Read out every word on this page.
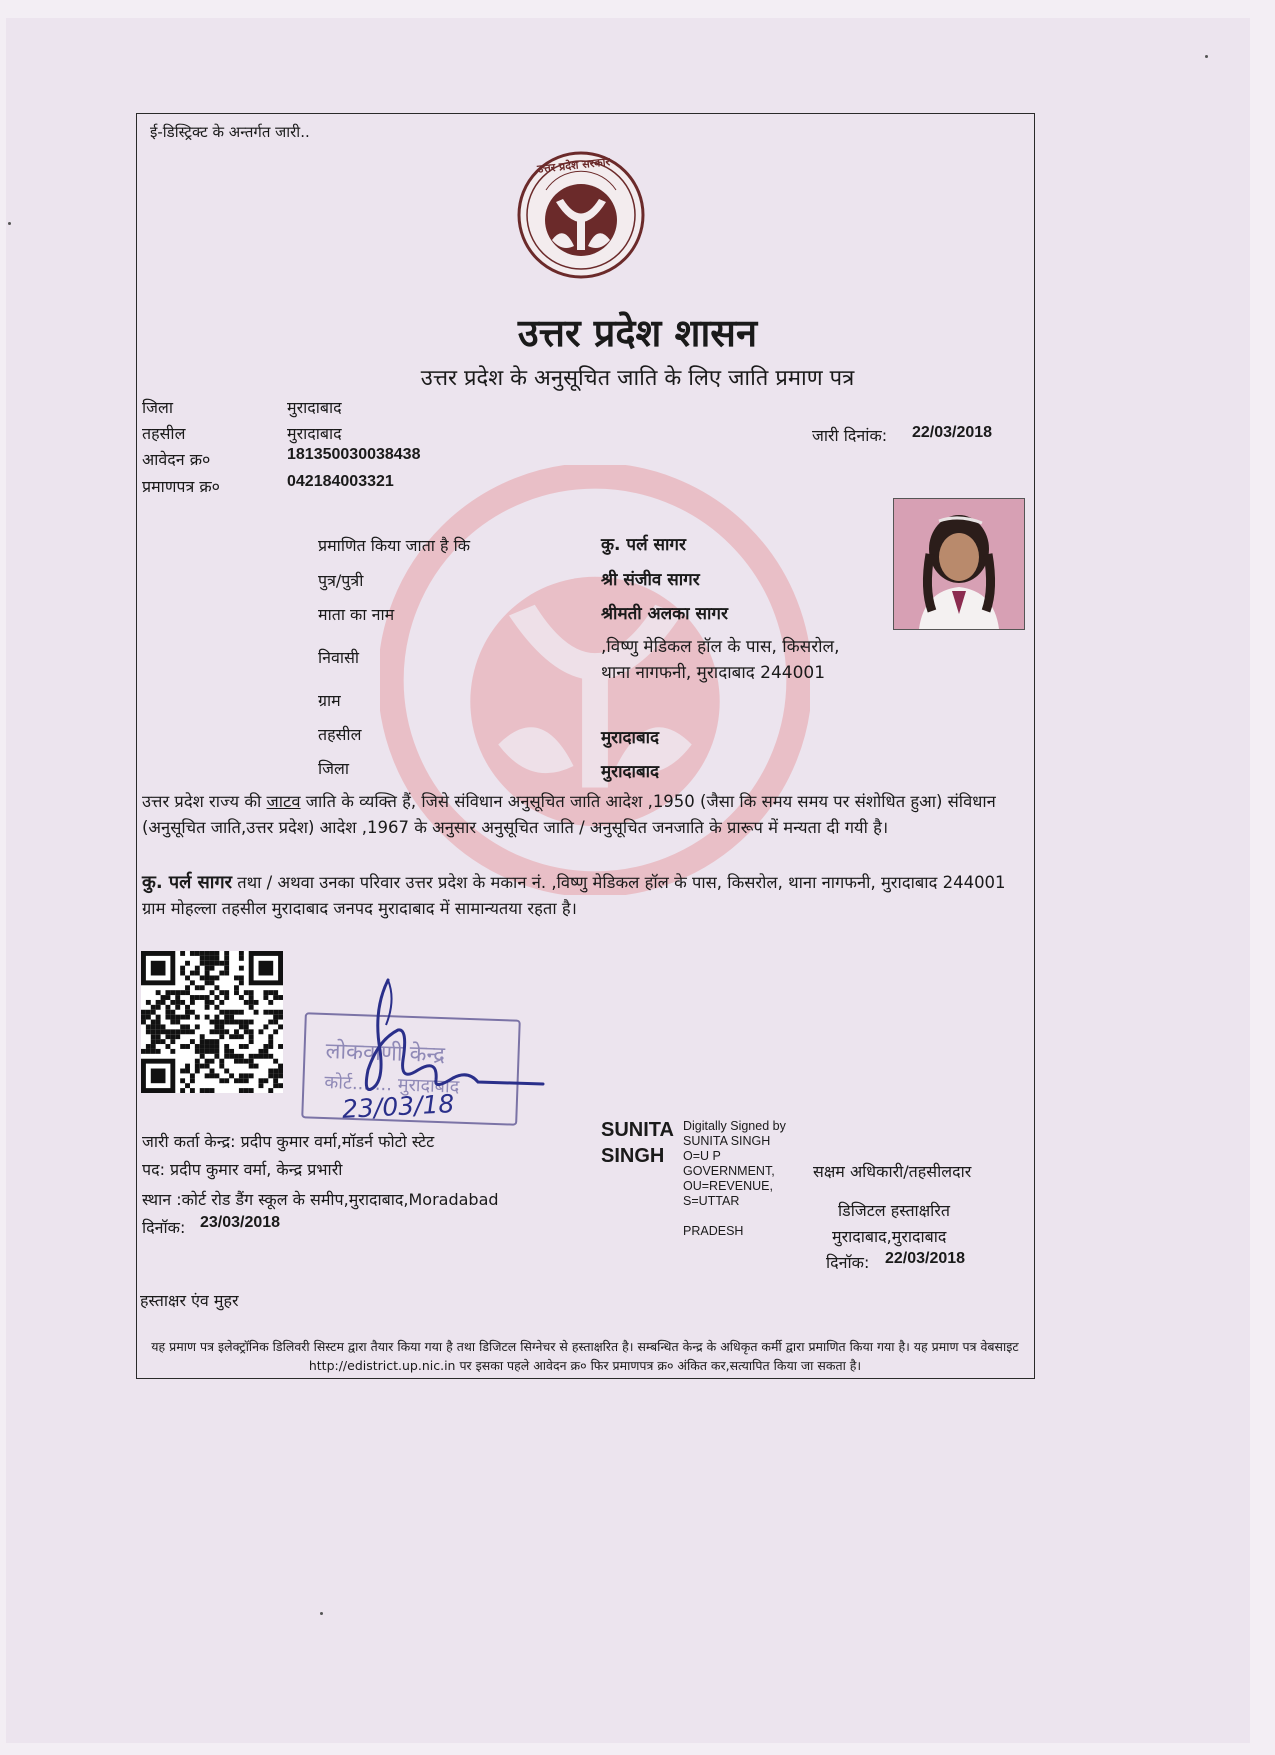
ई-डिस्ट्रिक्ट के अन्तर्गत जारी..
उत्तर प्रदेश सरकार
उत्तर प्रदेश शासन
उत्तर प्रदेश के अनुसूचित जाति के लिए जाति प्रमाण पत्र
जिला	मुरादाबाद
तहसील	मुरादाबाद
आवेदन क्र०	181350030038438
प्रमाणपत्र क्र०	042184003321
जारी दिनांक: 22/03/2018
प्रमाणित किया जाता है कि	कु. पर्ल सागर
पुत्र/पुत्री	श्री संजीव सागर
माता का नाम	श्रीमती अलका सागर
निवासी
,विष्णु मेडिकल हॉल के पास, किसरोल,
थाना नागफनी, मुरादाबाद 244001
ग्राम
तहसील	मुरादाबाद
जिला	मुरादाबाद
उत्तर प्रदेश राज्य की जाटव जाति के व्यक्ति हैं, जिसे संविधान अनुसूचित जाति आदेश ,1950 (जैसा कि समय समय पर संशोधित हुआ) संविधान (अनुसूचित जाति,उत्तर प्रदेश) आदेश ,1967 के अनुसार अनुसूचित जाति / अनुसूचित जनजाति के प्रारूप में मन्यता दी गयी है।
कु. पर्ल सागर तथा / अथवा उनका परिवार उत्तर प्रदेश के मकान नं. ,विष्णु मेडिकल हॉल के पास, किसरोल, थाना नागफनी, मुरादाबाद 244001 ग्राम मोहल्ला तहसील मुरादाबाद जनपद मुरादाबाद में सामान्यतया रहता है।
लोकवाणी केन्द्र
कोर्ट... ... मुरादाबाद
23/03/18
जारी कर्ता केन्द्र: प्रदीप कुमार वर्मा,मॉडर्न फोटो स्टेट
पद: प्रदीप कुमार वर्मा, केन्द्र प्रभारी
स्थान :कोर्ट रोड डैंग स्कूल के समीप,मुरादाबाद,Moradabad
दिनॉक: 23/03/2018
हस्ताक्षर एंव मुहर
SUNITA
SINGH
Digitally Signed by
SUNITA SINGH
O=U P
GOVERNMENT,
OU=REVENUE,
S=UTTAR

PRADESH
सक्षम अधिकारी/तहसीलदार
डिजिटल हस्ताक्षरित
मुरादाबाद,मुरादाबाद
दिनॉक: 22/03/2018
यह प्रमाण पत्र इलेक्ट्रॉनिक डिलिवरी सिस्टम द्वारा तैयार किया गया है तथा डिजिटल सिग्नेचर से हस्ताक्षरित है। सम्बन्धित केन्द्र के अधिकृत कर्मी द्वारा प्रमाणित किया गया है। यह प्रमाण पत्र वेबसाइट http://edistrict.up.nic.in पर इसका पहले आवेदन क्र० फिर प्रमाणपत्र क्र० अंकित कर,सत्यापित किया जा सकता है।
